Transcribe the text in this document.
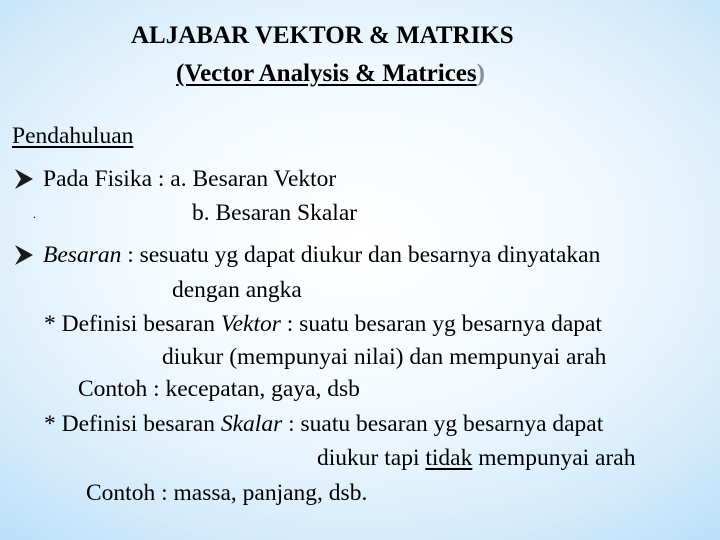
ALJABAR VEKTOR & MATRIKS
(Vector Analysis & Matrices)
Pendahuluan
Pada Fisika : a. Besaran Vektor
.	b. Besaran Skalar
Besaran : sesuatu yg dapat diukur dan besarnya dinyatakan
dengan angka
* Definisi besaran Vektor : suatu besaran yg besarnya dapat
diukur (mempunyai nilai) dan mempunyai arah
Contoh : kecepatan, gaya, dsb
* Definisi besaran Skalar : suatu besaran yg besarnya dapat
diukur tapi tidak mempunyai arah
Contoh : massa, panjang, dsb.
